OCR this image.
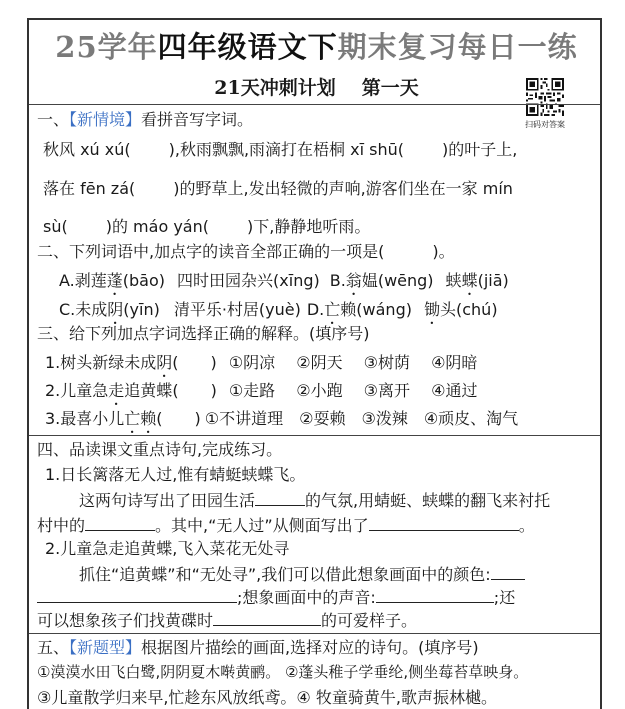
25学年四年级语文下期末复习每日一练
21天冲刺计划 第一天
扫码对答案
一、【新情境】看拼音写字词。
秋风 xú xú( ),秋雨飘飘,雨滴打在梧桐 xī shū( )的叶子上,
落在 fēn zá( )的野草上,发出轻微的声响,游客们坐在一家 mín
sù( )的 máo yán( )下,静静地听雨。
二、下列词语中,加点字的读音全部正确的一项是(	)。
A.剥莲蓬(bāo) 四时田园杂兴(xīng) B.翁媪(wēng) 蛱蝶(jiā)
C.未成阴(yīn) 清平乐·村居(yuè) D.亡赖(wáng) 锄头(chú)
三、给下列加点字词选择正确的解释。(填序号)
1.树头新绿未成阴( ) ①阴凉　 ②阴天　 ③树荫　 ④阴暗
2.儿童急走追黄蝶( ) ①走路　 ②小跑　 ③离开　 ④通过
3.最喜小儿亡赖( ) ①不讲道理　②耍赖　③泼辣　④顽皮、淘气
四、品读课文重点诗句,完成练习。
1.日长篱落无人过,惟有蜻蜓蛱蝶飞。
这两句诗写出了田园生活	的气氛,用蜻蜓、蛱蝶的翻飞来衬托
村中的	。其中,“无人过”从侧面写出了	。
2.儿童急走追黄蝶,飞入菜花无处寻
抓住“追黄蝶”和“无处寻”,我们可以借此想象画面中的颜色:
;想象画面中的声音:	;还
可以想象孩子们找黄碟时	的可爱样子。
五、【新题型】根据图片描绘的画面,选择对应的诗句。(填序号)
①漠漠水田飞白鹭,阴阴夏木啭黄鹂。 ②蓬头稚子学垂纶,侧坐莓苔草映身。
③儿童散学归来早,忙趁东风放纸鸢。④ 牧童骑黄牛,歌声振林樾。
